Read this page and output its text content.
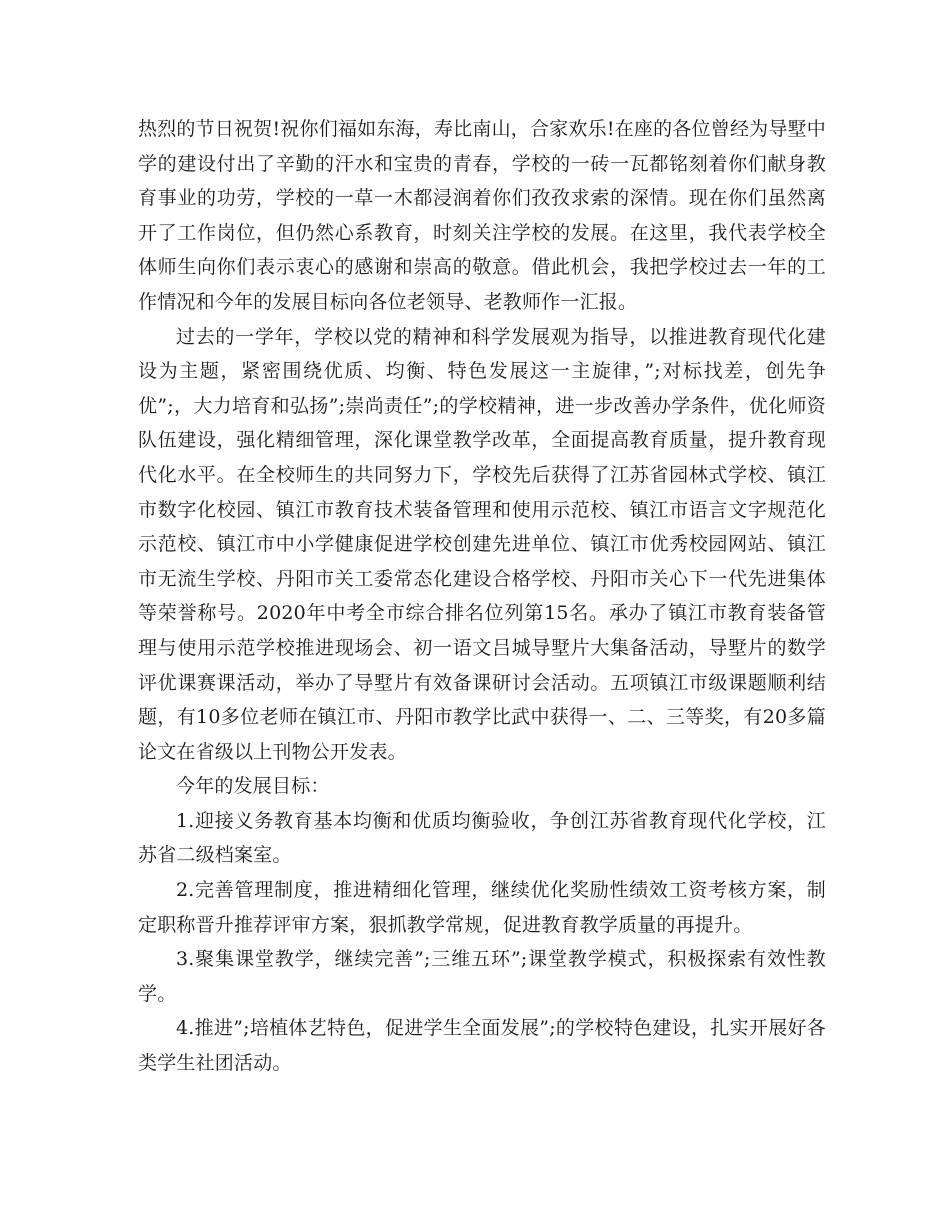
热烈的节日祝贺!祝你们福如东海，寿比南山，合家欢乐!在座的各位曾经为导墅中学的建设付出了辛勤的汗水和宝贵的青春，学校的一砖一瓦都铭刻着你们献身教育事业的功劳，学校的一草一木都浸润着你们孜孜求索的深情。现在你们虽然离开了工作岗位，但仍然心系教育，时刻关注学校的发展。在这里，我代表学校全体师生向你们表示衷心的感谢和崇高的敬意。借此机会，我把学校过去一年的工作情况和今年的发展目标向各位老领导、老教师作一汇报。

过去的一学年，学校以党的精神和科学发展观为指导，以推进教育现代化建设为主题，紧密围绕优质、均衡、特色发展这一主旋律，”;对标找差，创先争优”;，大力培育和弘扬”;崇尚责任”;的学校精神，进一步改善办学条件，优化师资队伍建设，强化精细管理，深化课堂教学改革，全面提高教育质量，提升教育现代化水平。在全校师生的共同努力下，学校先后获得了江苏省园林式学校、镇江市数字化校园、镇江市教育技术装备管理和使用示范校、镇江市语言文字规范化示范校、镇江市中小学健康促进学校创建先进单位、镇江市优秀校园网站、镇江市无流生学校、丹阳市关工委常态化建设合格学校、丹阳市关心下一代先进集体等荣誉称号。2020年中考全市综合排名位列第15名。承办了镇江市教育装备管理与使用示范学校推进现场会、初一语文吕城导墅片大集备活动，导墅片的数学评优课赛课活动，举办了导墅片有效备课研讨会活动。五项镇江市级课题顺利结题，有10多位老师在镇江市、丹阳市教学比武中获得一、二、三等奖，有20多篇论文在省级以上刊物公开发表。

今年的发展目标：

1.迎接义务教育基本均衡和优质均衡验收，争创江苏省教育现代化学校，江苏省二级档案室。

2.完善管理制度，推进精细化管理，继续优化奖励性绩效工资考核方案，制定职称晋升推荐评审方案，狠抓教学常规，促进教育教学质量的再提升。

3.聚集课堂教学，继续完善”;三维五环”;课堂教学模式，积极探索有效性教学。

4.推进”;培植体艺特色，促进学生全面发展”;的学校特色建设，扎实开展好各类学生社团活动。
